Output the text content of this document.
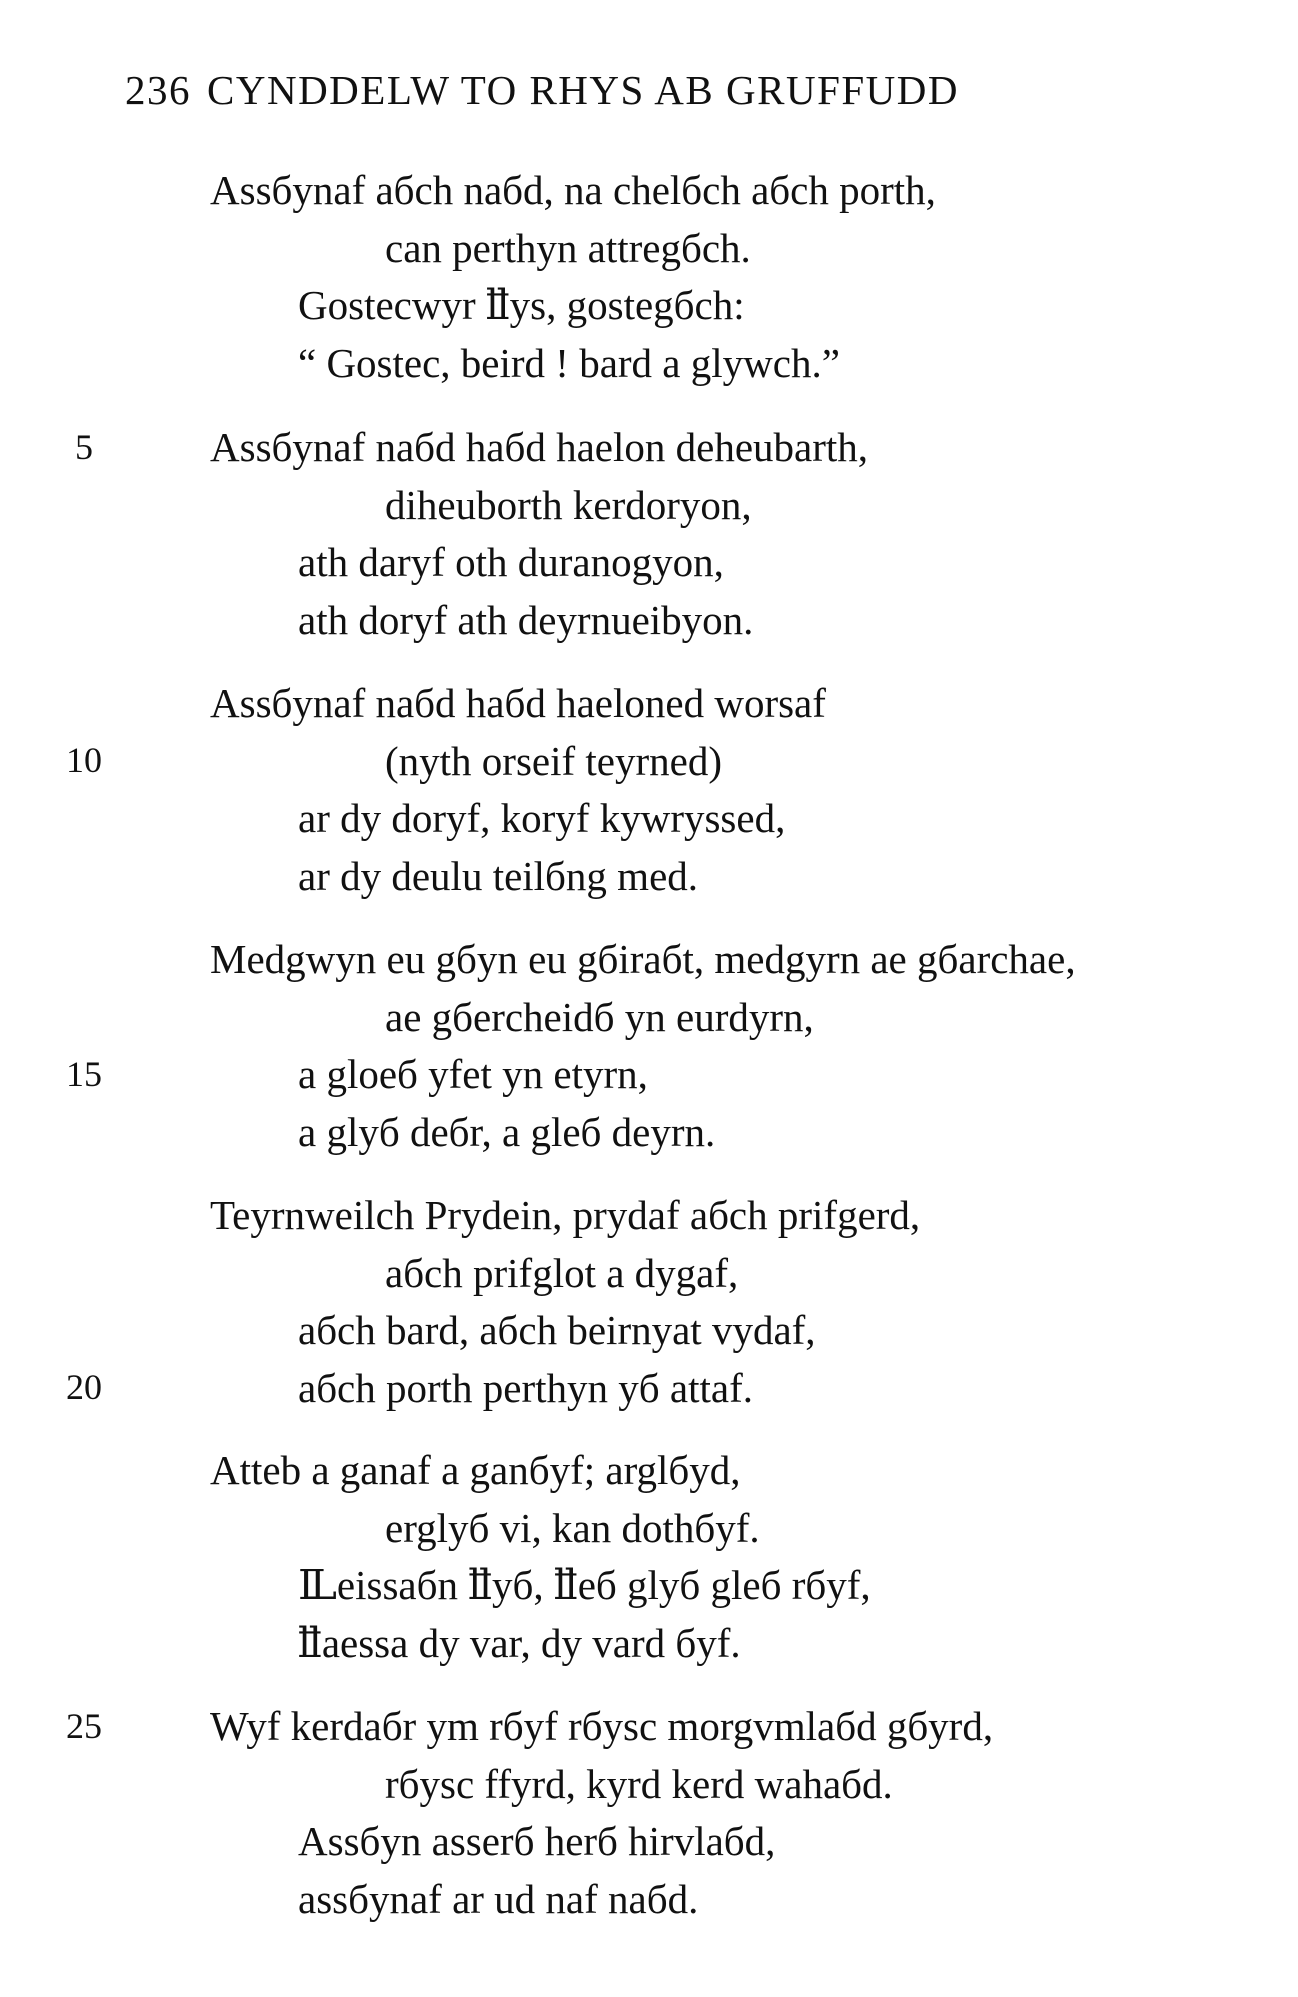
236 CYNDDELW TO RHYS AB GRUFFUDD
Assбynaf aбch naбd, na chelбch aбch porth,
can perthyn attregбch.
Gostecwyr ỻys, gostegбch:
“ Gostec, beird ! bard a glywch.”
5	Assбynaf naбd haбd haelon deheubarth,
diheuborth kerdoryon,
ath daryf oth duranogyon,
ath doryf ath deyrnueibyon.
10
Assбynaf naбd haбd haeloned worsaf
(nyth orseif teyrned)
ar dy doryf, koryf kywryssed,
ar dy deulu teilбng med.
15
Medgwyn eu gбyn eu gбiraбt, medgyrn ae gбarchae,
ae gбercheidб yn eurdyrn,
a gloeб yfet yn etyrn,
a glyб deбr, a gleб deyrn.
20
Teyrnweilch Prydein, prydaf aбch prifgerd,
aбch prifglot a dygaf,
aбch bard, aбch beirnyat vydaf,
aбch porth perthyn yб attaf.
Atteb a ganaf a ganбyf; arglбyd,
erglyб vi, kan dothбyf.
Ỻeissaбn ỻyб, ỻeб glyб gleб rбyf,
ỻaessa dy var, dy vard бyf.
25	Wyf kerdaбr ym rбyf rбysc morgvmlaбd gбyrd,
rбysc ffyrd, kyrd kerd wahaбd.
Assбyn asserб herб hirvlaбd,
assбynaf ar ud naf naбd.
